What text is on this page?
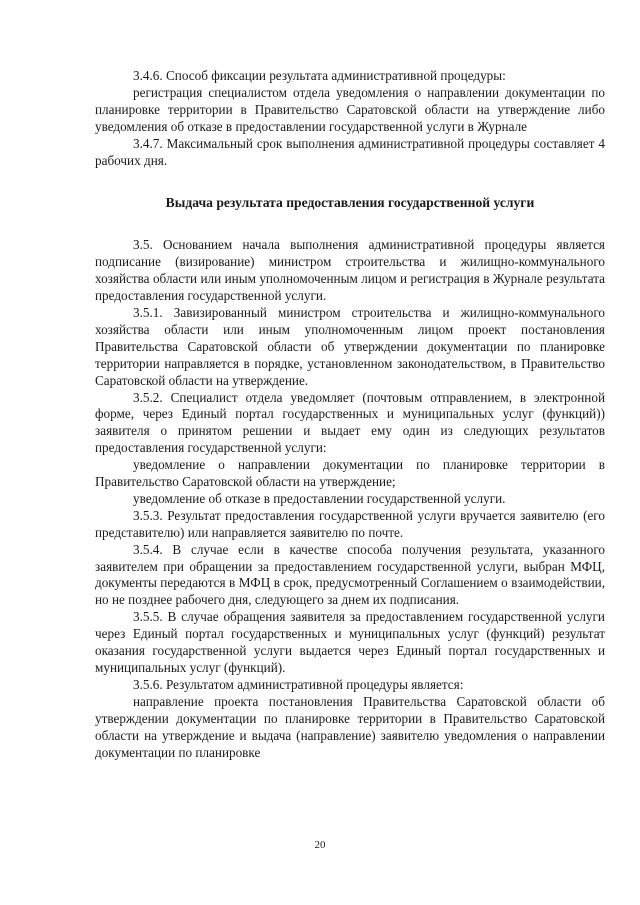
3.4.6. Способ фиксации результата административной процедуры:

регистрация специалистом отдела уведомления о направлении документации по планировке территории в Правительство Саратовской области на утверждение либо уведомления об отказе в предоставлении государственной услуги в Журнале

3.4.7. Максимальный срок выполнения административной процедуры составляет 4 рабочих дня.

Выдача результата предоставления государственной услуги

3.5. Основанием начала выполнения административной процедуры является подписание (визирование) министром строительства и жилищно-коммунального хозяйства области или иным уполномоченным лицом и регистрация в Журнале результата предоставления государственной услуги.

3.5.1. Завизированный министром строительства и жилищно-коммунального хозяйства области или иным уполномоченным лицом проект постановления Правительства Саратовской области об утверждении документации по планировке территории направляется в порядке, установленном законодательством, в Правительство Саратовской области на утверждение.

3.5.2. Специалист отдела уведомляет (почтовым отправлением, в электронной форме, через Единый портал государственных и муниципальных услуг (функций)) заявителя о принятом решении и выдает ему один из следующих результатов предоставления государственной услуги:

уведомление о направлении документации по планировке территории в Правительство Саратовской области на утверждение;

уведомление об отказе в предоставлении государственной услуги.

3.5.3. Результат предоставления государственной услуги вручается заявителю (его представителю) или направляется заявителю по почте.

3.5.4. В случае если в качестве способа получения результата, указанного заявителем при обращении за предоставлением государственной услуги, выбран МФЦ, документы передаются в МФЦ в срок, предусмотренный Соглашением о взаимодействии, но не позднее рабочего дня, следующего за днем их подписания.

3.5.5. В случае обращения заявителя за предоставлением государственной услуги через Единый портал государственных и муниципальных услуг (функций) результат оказания государственной услуги выдается через Единый портал государственных и муниципальных услуг (функций).

3.5.6. Результатом административной процедуры является:

направление проекта постановления Правительства Саратовской области об утверждении документации по планировке территории в Правительство Саратовской области на утверждение и выдача (направление) заявителю уведомления о направлении документации по планировке

20
